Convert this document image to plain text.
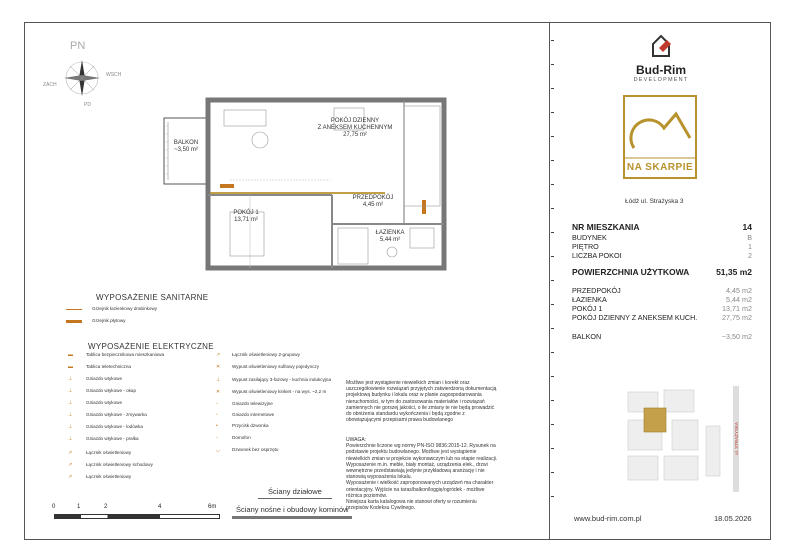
PN
WSCH
ZACH
PD
BALKON
~3,50 m²
POKÓJ DZIENNY
Z ANEKSEM KUCHENNYM
27,75 m²
PRZEDPOKÓJ
4,45 m²
POKÓJ 1
13,71 m²
ŁAZIENKA
5,44 m²
WYPOSAŻENIE SANITARNE
Grzejnik łazienkowy drabinkowy
Grzejnik płytowy
WYPOSAŻENIE ELEKTRYCZNE
▬	Tablica bezpiecznikowa mieszkaniowa
▬	Tablica teletechniczna
⊥	Gniazdo wtykowe
⊥	Gniazdo wtykowe - okap
⊥	Gniazdo wtykowe
⊥	Gniazdo wtykowe - zmywarka
⊥	Gniazdo wtykowe - lodówka
⊥	Gniazdo wtykowe - pralka
↗	Łącznik oświetleniowy
↗	Łącznik oświetleniowy schodowy
↗	Łącznik oświetleniowy
↗	Łącznik oświetleniowy 2-grupowy
✕	Wypust oświetleniowy sufitowy pojedynczy
⊥	Wypust zasilający 3-fazowy - kuchnia indukcyjna
✕	Wypust oświetleniowy kinkiet - na wys. ~2,2 m
▫	Gniazdo telewizyjne
▫	Gniazdo internetowe
•	Przycisk dzwonka
▫	Domofon
◡	Dzwonek bez osprzętu
Ściany działowe
Ściany nośne i obudowy kominów
0	1	2	4	6m
Możliwe jest wystąpienie niewielkich zmian i korekt oraz
uszczegółowienie rozwiązań przyjętych zatwierdzoną dokumentacją
projektową budynku i lokalu oraz w planie zagospodarowania
nieruchomości, w tym do zastosowania materiałów i rozwiązań
zamiennych nie gorszej jakości, o ile zmiany te nie będą prowadzić
do obniżenia standardu wykończenia i będą zgodne z
obowiązującymi przepisami prawa budowlanego
UWAGA:
Powierzchnie liczone wg normy PN-ISO 9836:2015-12. Rysunek na
podstawie projektu budowlanego. Możliwe jest wystąpienie
niewielkich zmian w projekcie wykonawczym lub na etapie realizacji.
Wyposażenie m.in. meble, biały montaż, urządzenia elek., drzwi
wewnętrzne przedstawiają jedynie przykładową aranżację i nie
stanowią wyposażenia lokalu.
Wyposażenie i wielkość zaproponowanych urządzeń ma charakter
orientacyjny. Wyjście na taras/balkon/loggię/ogródek - możliwe
różnica poziomów.
Niniejsza karta katalogowa nie stanowi oferty w rozumieniu
przepisów Kodeksu Cywilnego.
Bud-Rim
DEVELOPMENT
NA SKARPIE
Łódź ul. Strażyska 3
NR MIESZKANIA	14
BUDYNEK	B
PIĘTRO	1
LICZBA POKOI	2
POWIERZCHNIA UŻYTKOWA	51,35 m2
PRZEDPOKÓJ	4,45 m2
ŁAZIENKA	5,44 m2
POKÓJ 1	13,71 m2
POKÓJ DZIENNY Z ANEKSEM KUCH.	27,75 m2
BALKON	~3,50 m2
ul. STRAŻYSKA
www.bud-rim.com.pl	18.05.2026
